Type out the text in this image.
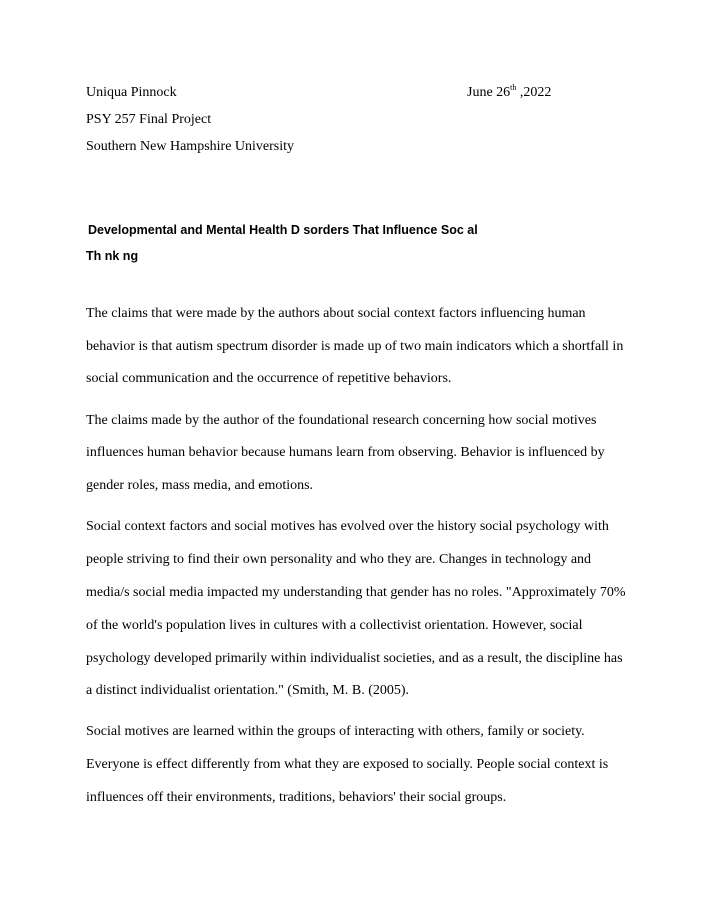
Uniqua Pinnock	June 26th ,2022
PSY 257 Final Project
Southern New Hampshire University
Developmental and Mental Health D sorders That Inﬂuence Soc al
Th nk ng
The claims that were made by the authors about social context factors influencing human
behavior is that autism spectrum disorder is made up of two main indicators which a shortfall in
social communication and the occurrence of repetitive behaviors.
The claims made by the author of the foundational research concerning how social motives
influences human behavior because humans learn from observing. Behavior is influenced by
gender roles, mass media, and emotions.
Social context factors and social motives has evolved over the history social psychology with
people striving to find their own personality and who they are. Changes in technology and
media/s social media impacted my understanding that gender has no roles. "Approximately 70%
of the world's population lives in cultures with a collectivist orientation. However, social
psychology developed primarily within individualist societies, and as a result, the discipline has
a distinct individualist orientation." (Smith, M. B. (2005).
Social motives are learned within the groups of interacting with others, family or society.
Everyone is effect differently from what they are exposed to socially. People social context is
influences off their environments, traditions, behaviors' their social groups.
